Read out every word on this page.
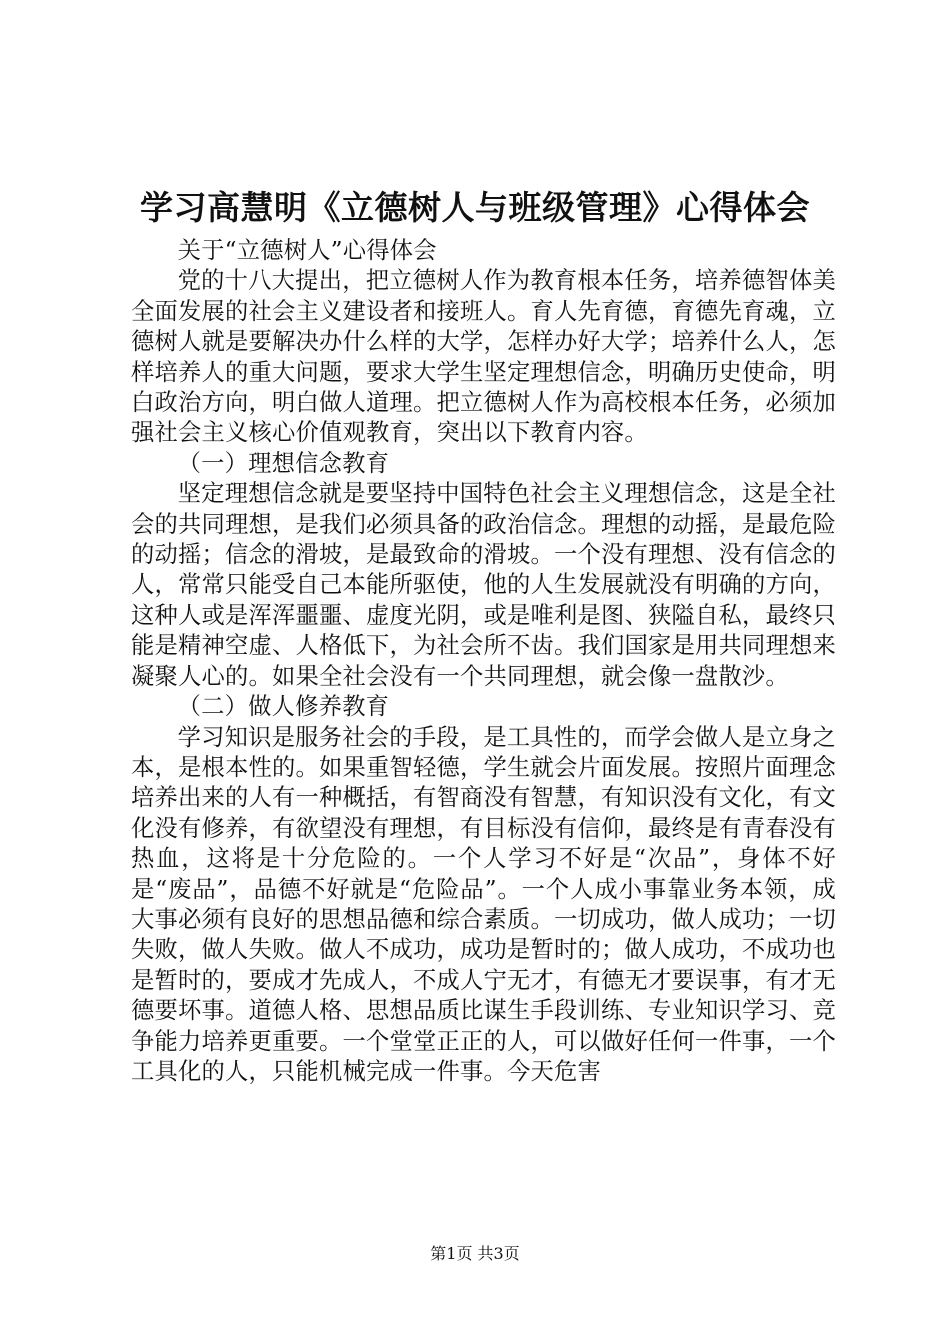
学习高慧明《立德树人与班级管理》心得体会

关于“立德树人”心得体会

党的十八大提出，把立德树人作为教育根本任务，培养德智体美全面发展的社会主义建设者和接班人。育人先育德，育德先育魂，立德树人就是要解决办什么样的大学，怎样办好大学；培养什么人，怎样培养人的重大问题，要求大学生坚定理想信念，明确历史使命，明白政治方向，明白做人道理。把立德树人作为高校根本任务，必须加强社会主义核心价值观教育，突出以下教育内容。

（一）理想信念教育

坚定理想信念就是要坚持中国特色社会主义理想信念，这是全社会的共同理想，是我们必须具备的政治信念。理想的动摇，是最危险的动摇；信念的滑坡，是最致命的滑坡。一个没有理想、没有信念的人，常常只能受自己本能所驱使，他的人生发展就没有明确的方向，这种人或是浑浑噩噩、虚度光阴，或是唯利是图、狭隘自私，最终只能是精神空虚、人格低下，为社会所不齿。我们国家是用共同理想来凝聚人心的。如果全社会没有一个共同理想，就会像一盘散沙。

（二）做人修养教育

学习知识是服务社会的手段，是工具性的，而学会做人是立身之本，是根本性的。如果重智轻德，学生就会片面发展。按照片面理念培养出来的人有一种概括，有智商没有智慧，有知识没有文化，有文化没有修养，有欲望没有理想，有目标没有信仰，最终是有青春没有热血，这将是十分危险的。一个人学习不好是“次品”，身体不好是“废品”，品德不好就是“危险品”。一个人成小事靠业务本领，成大事必须有良好的思想品德和综合素质。一切成功，做人成功；一切失败，做人失败。做人不成功，成功是暂时的；做人成功，不成功也是暂时的，要成才先成人，不成人宁无才，有德无才要误事，有才无德要坏事。道德人格、思想品质比谋生手段训练、专业知识学习、竞争能力培养更重要。一个堂堂正正的人，可以做好任何一件事，一个工具化的人，只能机械完成一件事。今天危害

第1页 共3页
